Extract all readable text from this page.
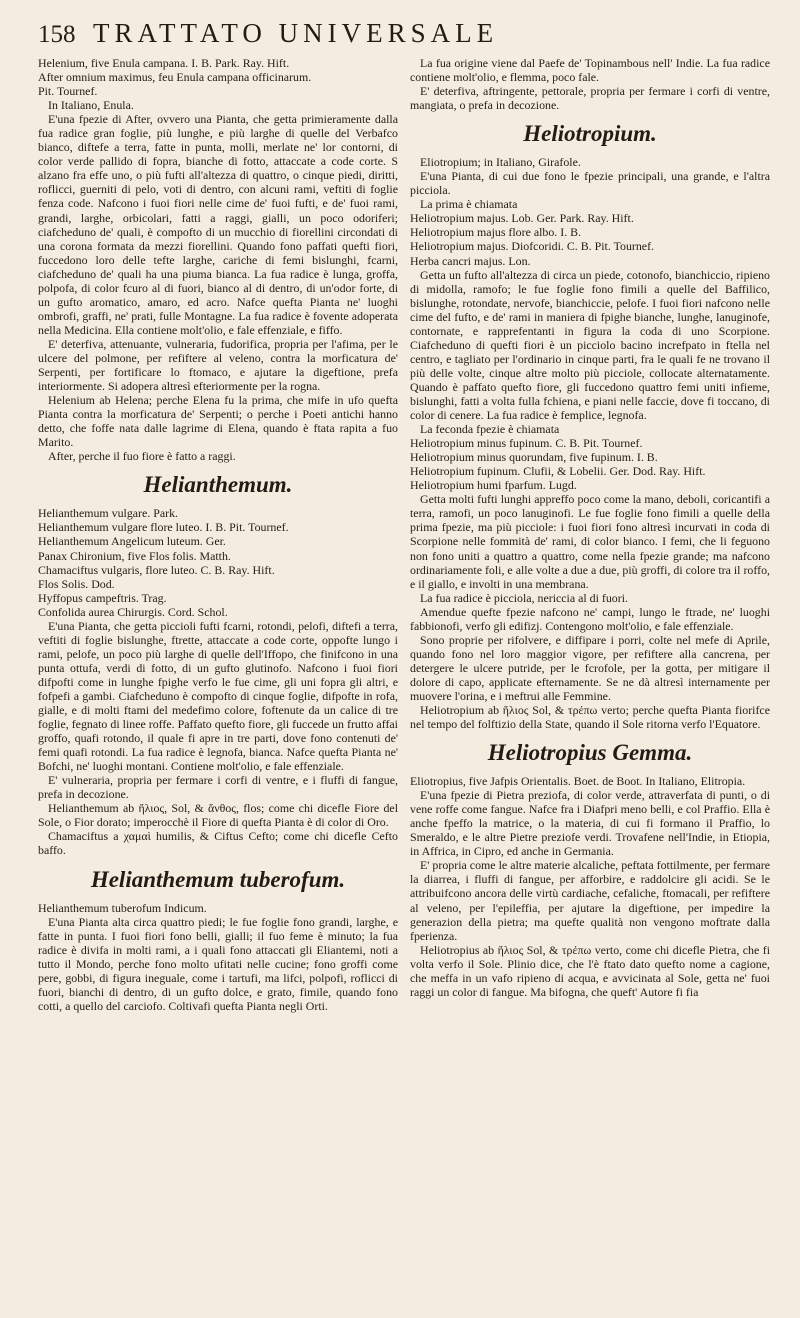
158 TRATTATO UNIVERSALE

Helenium, five Enula campana. I. B. Park. Ray. Hift.

After omnium maximus, feu Enula campana officinarum.

Pit. Tournef.

In Italiano, Enula.

E'una fpezie di After, ovvero una Pianta, che getta primieramente dalla fua radice gran foglie, più lunghe, e più larghe di quelle del Verbafco bianco, diftefe a terra, fatte in punta, molli, merlate ne' lor contorni, di color verde pallido di fopra, bianche di fotto, attaccate a code corte. S alzano fra effe uno, o più fufti all'altezza di quattro, o cinque piedi, diritti, roflicci, guerniti di pelo, voti di dentro, con alcuni rami, veftiti di foglie fenza code. Nafcono i fuoi fiori nelle cime de' fuoi fufti, e de' fuoi rami, grandi, larghe, orbicolari, fatti a raggi, gialli, un poco odoriferi; ciafcheduno de' quali, è compofto di un mucchio di fiorellini circondati di una corona formata da mezzi fiorellini. Quando fono paffati quefti fiori, fuccedono loro delle tefte larghe, cariche di femi bislunghi, fcarni, ciafcheduno de' quali ha una piuma bianca. La fua radice è lunga, groffa, polpofa, di color fcuro al di fuori, bianco al di dentro, di un'odor forte, di un gufto aromatico, amaro, ed acro. Nafce quefta Pianta ne' luoghi ombrofi, graffi, ne' prati, fulle Montagne. La fua radice è fovente adoperata nella Medicina. Ella contiene molt'olio, e fale effenziale, e fiffo.

E' deterfiva, attenuante, vulneraria, fudorifica, propria per l'afima, per le ulcere del polmone, per refiftere al veleno, contra la morficatura de' Serpenti, per fortificare lo ftomaco, e ajutare la digeftione, prefa interiormente. Si adopera altresì efteriormente per la rogna.

Helenium ab Helena; perche Elena fu la prima, che mife in ufo quefta Pianta contra la morficatura de' Serpenti; o perche i Poeti antichi hanno detto, che foffe nata dalle lagrime di Elena, quando è ftata rapita a fuo Marito.

After, perche il fuo fiore è fatto a raggi.

Helianthemum.

Helianthemum vulgare. Park.

Helianthemum vulgare flore luteo. I. B. Pit. Tournef.

Helianthemum Angelicum luteum. Ger.

Panax Chironium, five Flos folis. Matth.

Chamaciftus vulgaris, flore luteo. C. B. Ray. Hift.

Flos Solis. Dod.

Hyffopus campeftris. Trag.

Confolida aurea Chirurgis. Cord. Schol.

E'una Pianta, che getta piccioli fufti fcarni, rotondi, pelofi, diftefi a terra, veftiti di foglie bislunghe, ftrette, attaccate a code corte, oppofte lungo i rami, pelofe, un poco più larghe di quelle dell'Iffopo, che finifcono in una punta ottufa, verdi di fotto, di un gufto glutinofo. Nafcono i fuoi fiori difpofti come in lunghe fpighe verfo le fue cime, gli uni fopra gli altri, e fofpefi a gambi. Ciafcheduno è compofto di cinque foglie, difpofte in rofa, gialle, e di molti ftami del medefimo colore, foftenute da un calice di tre foglie, fegnato di linee roffe. Paffato quefto fiore, gli fuccede un frutto affai groffo, quafi rotondo, il quale fi apre in tre parti, dove fono contenuti de' femi quafi rotondi. La fua radice è legnofa, bianca. Nafce quefta Pianta ne' Bofchi, ne' luoghi montani. Contiene molt'olio, e fale effenziale.

E' vulneraria, propria per fermare i corfi di ventre, e i fluffi di fangue, prefa in decozione.

Helianthemum ab ἥλιος, Sol, & ἄνθος, flos; come chi dicefle Fiore del Sole, o Fior dorato; imperocchè il Fiore di quefta Pianta è di color di Oro.

Chamaciftus a χαμαὶ humilis, & Ciftus Cefto; come chi dicefle Cefto baffo.

Helianthemum tuberofum.

Helianthemum tuberofum Indicum.

E'una Pianta alta circa quattro piedi; le fue foglie fono grandi, larghe, e fatte in punta. I fuoi fiori fono belli, gialli; il fuo feme è minuto; la fua radice è divifa in molti rami, a i quali fono attaccati gli Eliantemi, noti a tutto il Mondo, perche fono molto ufitati nelle cucine; fono groffi come pere, gobbi, di figura ineguale, come i tartufi, ma lifci, polpofi, roflicci di fuori, bianchi di dentro, di un gufto dolce, e grato, fimile, quando fono cotti, a quello del carciofo. Coltivafi quefta Pianta negli Orti.

La fua origine viene dal Paefe de' Topinambous nell' Indie. La fua radice contiene molt'olio, e flemma, poco fale.

E' deterfiva, aftringente, pettorale, propria per fermare i corfi di ventre, mangiata, o prefa in decozione.

Heliotropium.

Eliotropium; in Italiano, Girafole.

E'una Pianta, di cui due fono le fpezie principali, una grande, e l'altra picciola.

La prima è chiamata

Heliotropium majus. Lob. Ger. Park. Ray. Hift.

Heliotropium majus flore albo. I. B.

Heliotropium majus. Diofcoridi. C. B. Pit. Tournef.

Herba cancri majus. Lon.

Getta un fufto all'altezza di circa un piede, cotonofo, bianchiccio, ripieno di midolla, ramofo; le fue foglie fono fimili a quelle del Baffilico, bislunghe, rotondate, nervofe, bianchiccie, pelofe. I fuoi fiori nafcono nelle cime del fufto, e de' rami in maniera di fpighe bianche, lunghe, lanuginofe, contornate, e rapprefentanti in figura la coda di uno Scorpione. Ciafcheduno di quefti fiori è un picciolo bacino increfpato in ftella nel centro, e tagliato per l'ordinario in cinque parti, fra le quali fe ne trovano il più delle volte, cinque altre molto più picciole, collocate alternatamente. Quando è paffato quefto fiore, gli fuccedono quattro femi uniti infieme, bislunghi, fatti a volta fulla fchiena, e piani nelle faccie, dove fi toccano, di color di cenere. La fua radice è femplice, legnofa.

La feconda fpezie è chiamata

Heliotropium minus fupinum. C. B. Pit. Tournef.

Heliotropium minus quorundam, five fupinum. I. B.

Heliotropium fupinum. Clufii, & Lobelii. Ger. Dod. Ray. Hift.

Heliotropium humi fparfum. Lugd.

Getta molti fufti lunghi appreffo poco come la mano, deboli, coricantifi a terra, ramofi, un poco lanuginofi. Le fue foglie fono fimili a quelle della prima fpezie, ma più picciole: i fuoi fiori fono altresì incurvati in coda di Scorpione nelle fommità de' rami, di color bianco. I femi, che li feguono non fono uniti a quattro a quattro, come nella fpezie grande; ma nafcono ordinariamente foli, e alle volte a due a due, più groffi, di colore tra il roffo, e il giallo, e involti in una membrana.

La fua radice è picciola, nericcia al di fuori.

Amendue quefte fpezie nafcono ne' campi, lungo le ftrade, ne' luoghi fabbionofi, verfo gli edifizj. Contengono molt'olio, e fale effenziale.

Sono proprie per rifolvere, e diffipare i porri, colte nel mefe di Aprile, quando fono nel loro maggior vigore, per refiftere alla cancrena, per detergere le ulcere putride, per le fcrofole, per la gotta, per mitigare il dolore di capo, applicate efternamente. Se ne dà altresì internamente per muovere l'orina, e i meftrui alle Femmine.

Heliotropium ab ἥλιος Sol, & τρέπω verto; perche quefta Pianta fiorifce nel tempo del folftizio della State, quando il Sole ritorna verfo l'Equatore.

Heliotropius Gemma.

Eliotropius, five Jafpis Orientalis. Boet. de Boot. In Italiano, Elitropia.

E'una fpezie di Pietra preziofa, di color verde, attraverfata di punti, o di vene roffe come fangue. Nafce fra i Diafpri meno belli, e col Praffio. Ella è anche fpeffo la matrice, o la materia, di cui fi formano il Praffio, lo Smeraldo, e le altre Pietre preziofe verdi. Trovafene nell'Indie, in Etiopia, in Affrica, in Cipro, ed anche in Germania.

E' propria come le altre materie alcaliche, peftata fottilmente, per fermare la diarrea, i fluffi di fangue, per afforbire, e raddolcire gli acidi. Se le attribuifcono ancora delle virtù cardiache, cefaliche, ftomacali, per refiftere al veleno, per l'epileffia, per ajutare la digeftione, per impedire la generazion della pietra; ma quefte qualità non vengono moftrate dalla fperienza.

Heliotropius ab ἥλιος Sol, & τρέπω verto, come chi dicefle Pietra, che fi volta verfo il Sole. Plinio dice, che l'è ftato dato quefto nome a cagione, che meffa in un vafo ripieno di acqua, e avvicinata al Sole, getta ne' fuoi raggi un color di fangue. Ma bifogna, che queft' Autore fi fia
